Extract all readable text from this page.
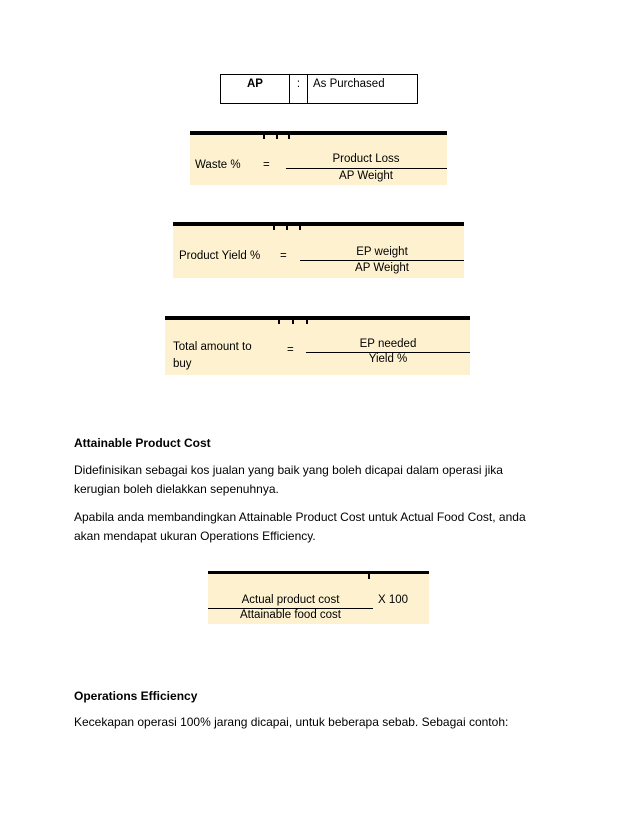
AP	:	As Purchased
Waste % =	Product Loss
AP Weight
Product Yield % =	EP weight
AP Weight
Total amount to
buy
=	EP needed
Yield %
Attainable Product Cost
Didefinisikan sebagai kos jualan yang baik yang boleh dicapai dalam operasi jika
kerugian boleh dielakkan sepenuhnya.
Apabila anda membandingkan Attainable Product Cost untuk Actual Food Cost, anda
akan mendapat ukuran Operations Efficiency.
Actual product cost
Attainable food cost
X 100
Operations Efficiency
Kecekapan operasi 100% jarang dicapai, untuk beberapa sebab. Sebagai contoh:
